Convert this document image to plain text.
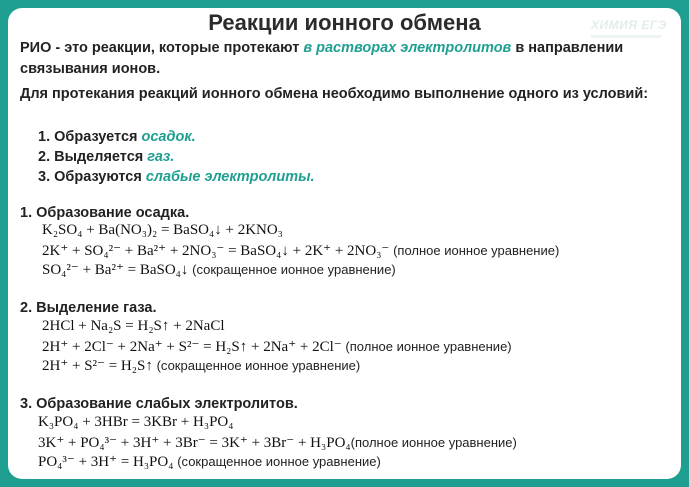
Реакции ионного обмена	ХИМИЯ ЕГЭ
РИО - это реакции, которые протекают в растворах электролитов в направлении связывания ионов.
Для протекания реакций ионного обмена необходимо выполнение одного из условий:
1. Образуется осадок.
2. Выделяется газ.
3. Образуются слабые электролиты.
1. Образование осадка.
K₂SO₄ + Ba(NO₃)₂ = BaSO₄↓ + 2KNO₃
2K⁺ + SO₄²⁻ + Ba²⁺ + 2NO₃⁻ = BaSO₄↓ + 2K⁺ + 2NO₃⁻ (полное ионное уравнение)
SO₄²⁻ + Ba²⁺ = BaSO₄↓ (сокращенное ионное уравнение)
2. Выделение газа.
2HCl + Na₂S = H₂S↑ + 2NaCl
2H⁺ + 2Cl⁻ + 2Na⁺ + S²⁻ = H₂S↑ + 2Na⁺ + 2Cl⁻ (полное ионное уравнение)
2H⁺ + S²⁻ = H₂S↑ (сокращенное ионное уравнение)
3. Образование слабых электролитов.
K₃PO₄ + 3HBr = 3KBr + H₃PO₄
3K⁺ + PO₄³⁻ + 3H⁺ + 3Br⁻ = 3K⁺ + 3Br⁻ + H₃PO₄(полное ионное уравнение)
PO₄³⁻ + 3H⁺ = H₃PO₄ (сокращенное ионное уравнение)
